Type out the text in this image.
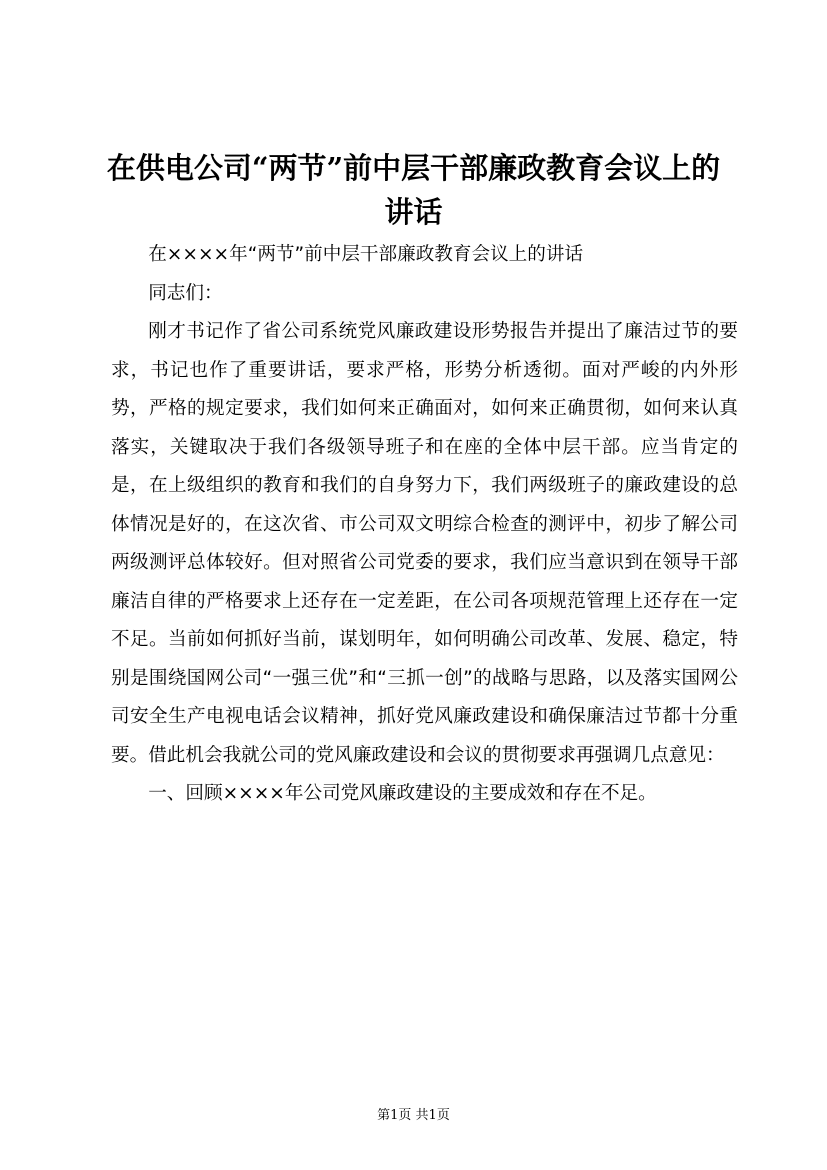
在供电公司“两节”前中层干部廉政教育会议上的讲话

在××××年“两节”前中层干部廉政教育会议上的讲话

同志们：

刚才书记作了省公司系统党风廉政建设形势报告并提出了廉洁过节的要求，书记也作了重要讲话，要求严格，形势分析透彻。面对严峻的内外形势，严格的规定要求，我们如何来正确面对，如何来正确贯彻，如何来认真落实，关键取决于我们各级领导班子和在座的全体中层干部。应当肯定的是，在上级组织的教育和我们的自身努力下，我们两级班子的廉政建设的总体情况是好的，在这次省、市公司双文明综合检查的测评中，初步了解公司两级测评总体较好。但对照省公司党委的要求，我们应当意识到在领导干部廉洁自律的严格要求上还存在一定差距，在公司各项规范管理上还存在一定不足。当前如何抓好当前，谋划明年，如何明确公司改革、发展、稳定，特别是围绕国网公司“一强三优”和“三抓一创”的战略与思路，以及落实国网公司安全生产电视电话会议精神，抓好党风廉政建设和确保廉洁过节都十分重要。借此机会我就公司的党风廉政建设和会议的贯彻要求再强调几点意见：

一、回顾××××年公司党风廉政建设的主要成效和存在不足。

第1页 共1页
